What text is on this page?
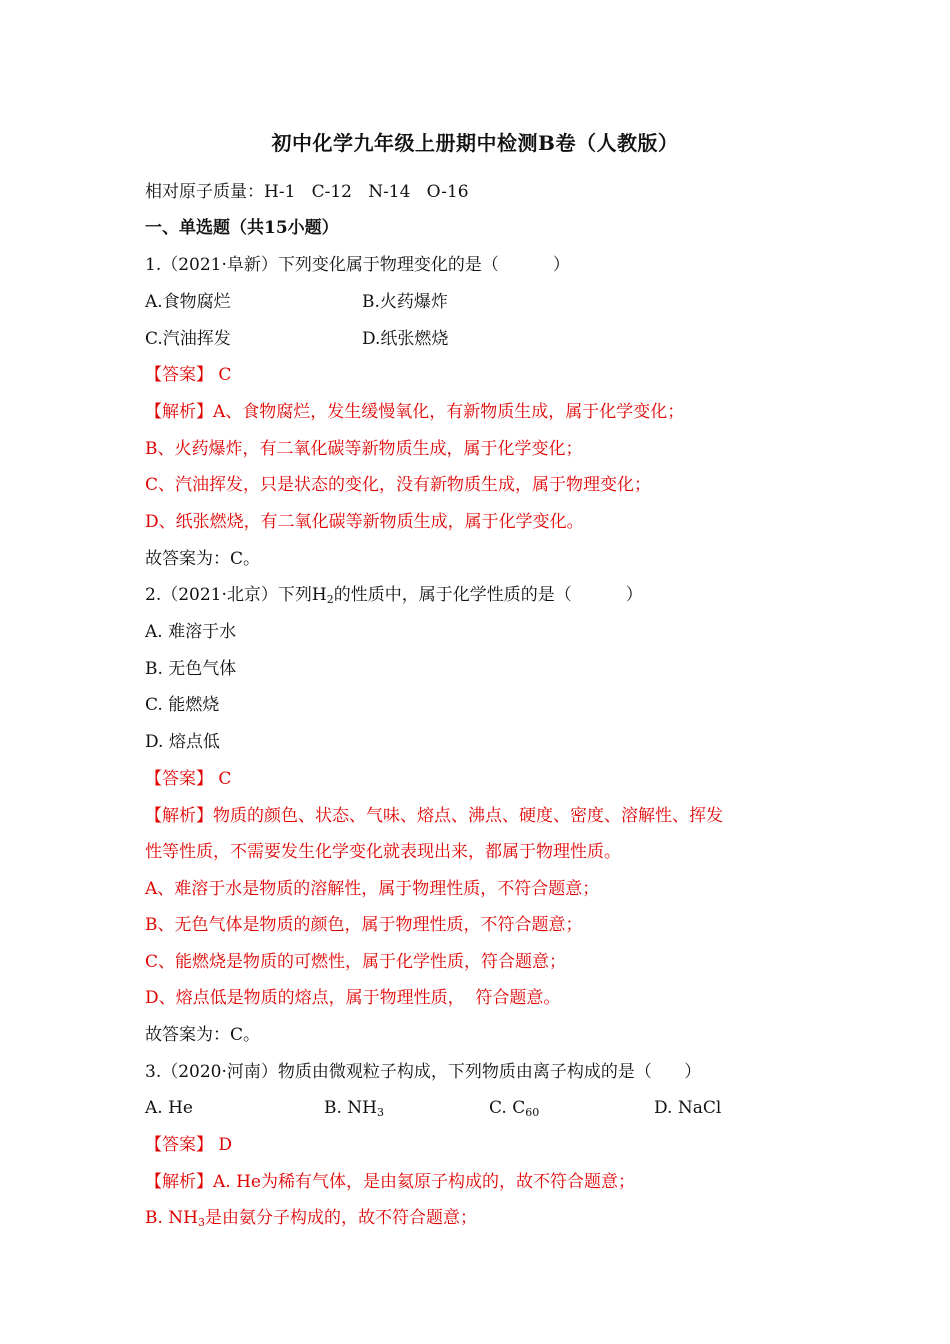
初中化学九年级上册期中检测B卷（人教版）
相对原子质量：H-1   C-12   N-14   O-16
一、单选题（共15小题）
1.（2021·阜新）下列变化属于物理变化的是（          ）
A.食物腐烂	B.火药爆炸
C.汽油挥发	D.纸张燃烧
【答案】 C
【解析】A、食物腐烂，发生缓慢氧化，有新物质生成，属于化学变化；
B、火药爆炸，有二氧化碳等新物质生成，属于化学变化；
C、汽油挥发，只是状态的变化，没有新物质生成，属于物理变化；
D、纸张燃烧，有二氧化碳等新物质生成，属于化学变化。
故答案为：C。
2.（2021·北京）下列$H_2$的性质中，属于化学性质的是（          ）
A. 难溶于水
B. 无色气体
C. 能燃烧
D. 熔点低
【答案】 C
【解析】物质的颜色、状态、气味、熔点、沸点、硬度、密度、溶解性、挥发
性等性质，不需要发生化学变化就表现出来，都属于物理性质。
A、难溶于水是物质的溶解性，属于物理性质，不符合题意；
B、无色气体是物质的颜色，属于物理性质，不符合题意；
C、能燃烧是物质的可燃性，属于化学性质，符合题意；
D、熔点低是物质的熔点，属于物理性质，  符合题意。
故答案为：C。
3.（2020·河南）物质由微观粒子构成，下列物质由离子构成的是（      ）
A. He	B. $NH_3$	C. $C_{60}$	D. NaCl
【答案】 D
【解析】A. He为稀有气体，是由氦原子构成的，故不符合题意；
B. $NH_3$是由氨分子构成的，故不符合题意；
